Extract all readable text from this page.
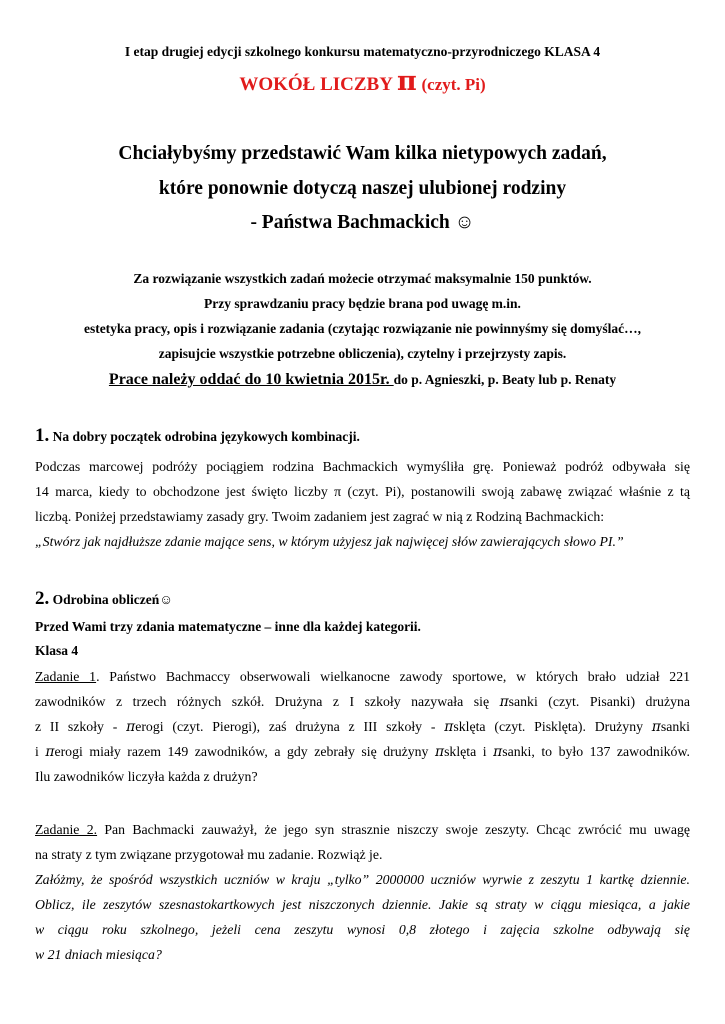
I etap drugiej edycji szkolnego konkursu matematyczno-przyrodniczego KLASA 4
WOKÓŁ LICZBY π (czyt. Pi)
Chciałybyśmy przedstawić Wam kilka nietypowych zadań,
które ponownie dotyczą naszej ulubionej rodziny
- Państwa Bachmackich ☺
Za rozwiązanie wszystkich zadań możecie otrzymać maksymalnie 150 punktów.
Przy sprawdzaniu pracy będzie brana pod uwagę m.in.
estetyka pracy, opis i rozwiązanie zadania (czytając rozwiązanie nie powinnyśmy się domyślać…,
zapisujcie wszystkie potrzebne obliczenia), czytelny i przejrzysty zapis.
Prace należy oddać do 10 kwietnia 2015r. do p. Agnieszki, p. Beaty lub p. Renaty
1. Na dobry początek odrobina językowych kombinacji.
Podczas marcowej podróży pociągiem rodzina Bachmackich wymyśliła grę. Ponieważ podróż odbywała się
14 marca, kiedy to obchodzone jest święto liczby π (czyt. Pi), postanowili swoją zabawę związać właśnie z tą
liczbą. Poniżej przedstawiamy zasady gry. Twoim zadaniem jest zagrać w nią z Rodziną Bachmackich:
„Stwórz jak najdłuższe zdanie mające sens, w którym użyjesz jak najwięcej słów zawierających słowo PI.”
2. Odrobina obliczeń☺
Przed Wami trzy zdania matematyczne – inne dla każdej kategorii.
Klasa 4
Zadanie 1. Państwo Bachmaccy obserwowali wielkanocne zawody sportowe, w których brało udział 221
zawodników z trzech różnych szkół. Drużyna z I szkoły nazywała się πsanki (czyt. Pisanki) drużyna
z II szkoły - πerogi (czyt. Pierogi), zaś drużyna z III szkoły - πsklęta (czyt. Pisklęta). Drużyny πsanki
i πerogi miały razem 149 zawodników, a gdy zebrały się drużyny πsklęta i πsanki, to było 137 zawodników.
Ilu zawodników liczyła każda z drużyn?
Zadanie 2. Pan Bachmacki zauważył, że jego syn strasznie niszczy swoje zeszyty. Chcąc zwrócić mu uwagę
na straty z tym związane przygotował mu zadanie. Rozwiąż je.
Załóżmy, że spośród wszystkich uczniów w kraju „tylko” 2000000 uczniów wyrwie z zeszytu 1 kartkę dziennie.
Oblicz, ile zeszytów szesnastokartkowych jest niszczonych dziennie. Jakie są straty w ciągu miesiąca, a jakie
w ciągu roku szkolnego, jeżeli cena zeszytu wynosi 0,8 złotego i zajęcia szkolne odbywają się
w 21 dniach miesiąca?
